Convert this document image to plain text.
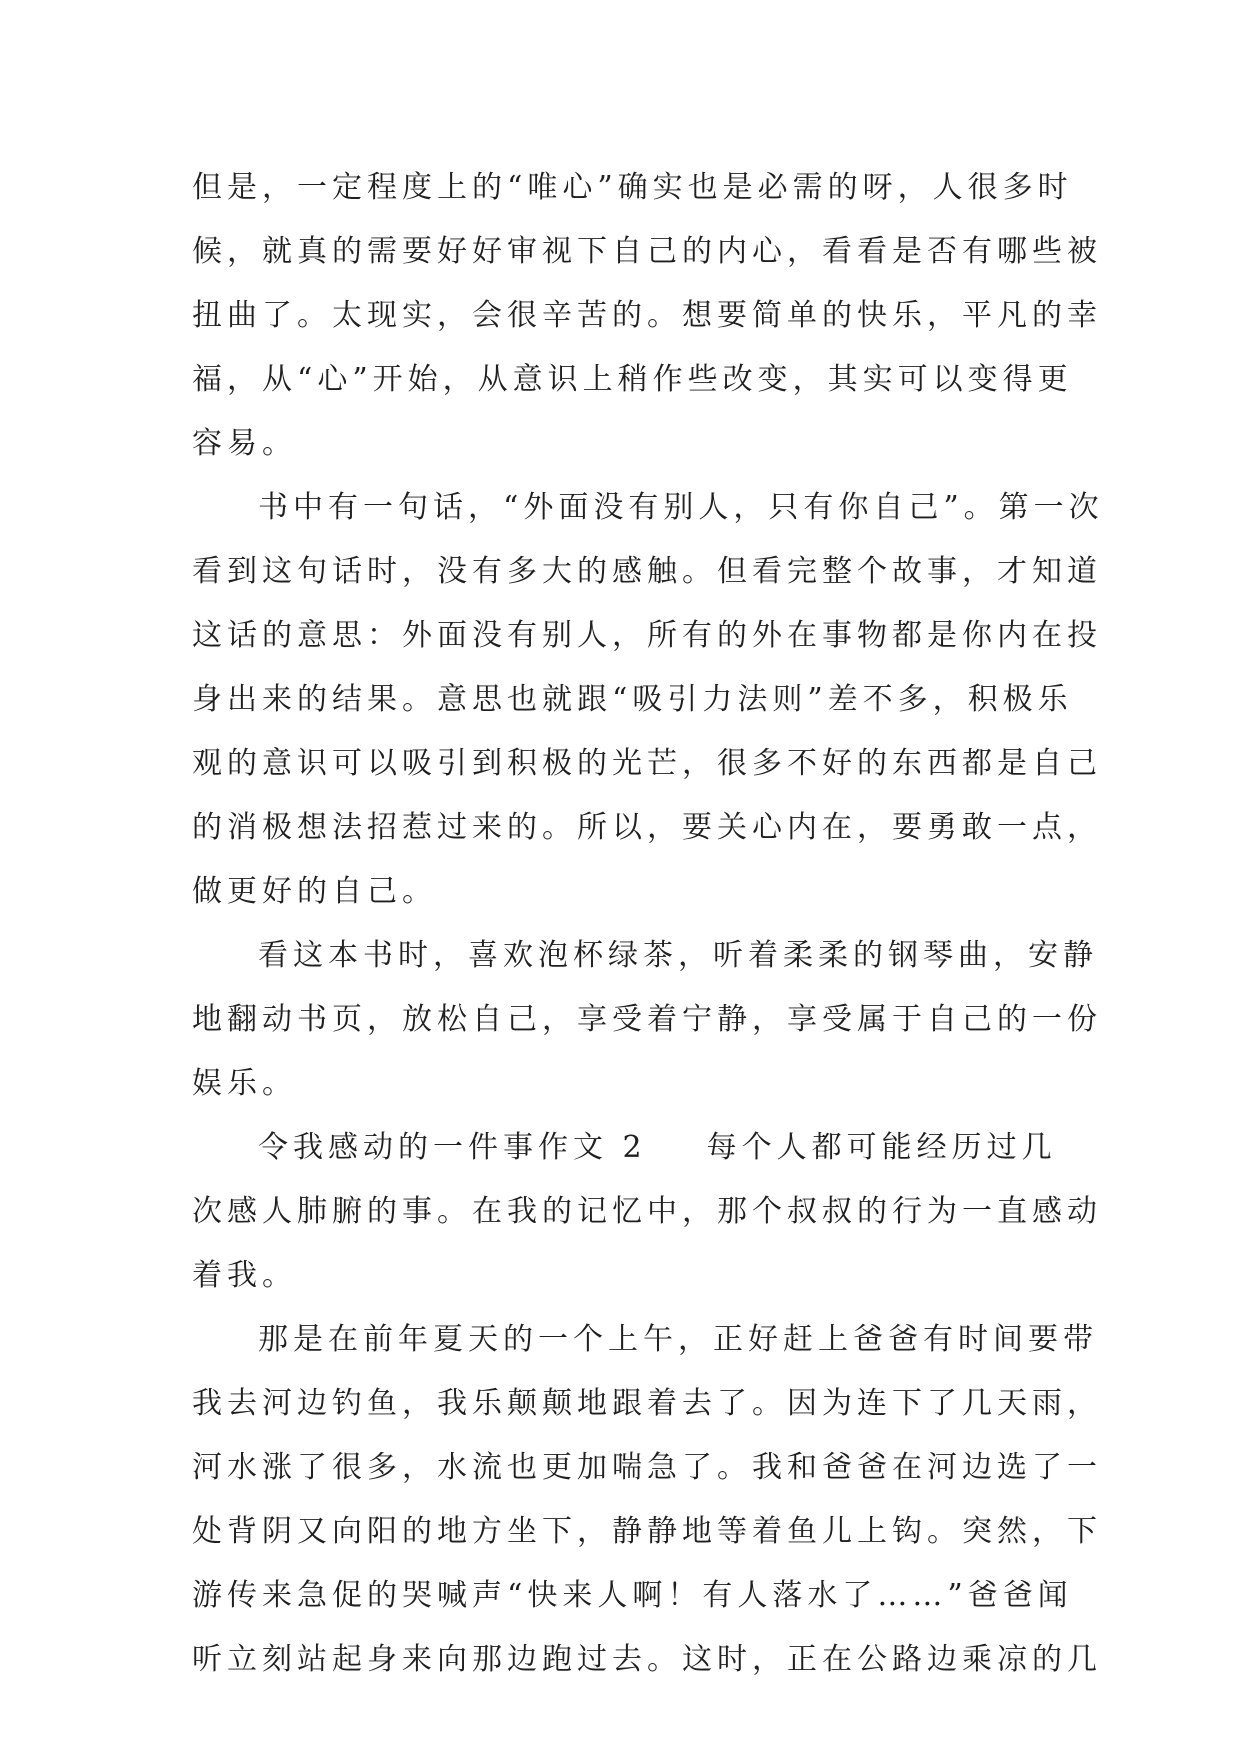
但是，一定程度上的“唯心”确实也是必需的呀，人很多时
候，就真的需要好好审视下自己的内心，看看是否有哪些被
扭曲了。太现实，会很辛苦的。想要简单的快乐，平凡的幸
福，从“心”开始，从意识上稍作些改变，其实可以变得更
容易。
书中有一句话，“外面没有别人，只有你自己”。第一次
看到这句话时，没有多大的感触。但看完整个故事，才知道
这话的意思：外面没有别人，所有的外在事物都是你内在投
身出来的结果。意思也就跟“吸引力法则”差不多，积极乐
观的意识可以吸引到积极的光芒，很多不好的东西都是自己
的消极想法招惹过来的。所以，要关心内在，要勇敢一点，
做更好的自己。
看这本书时，喜欢泡杯绿茶，听着柔柔的钢琴曲，安静
地翻动书页，放松自己，享受着宁静，享受属于自己的一份
娱乐。
令我感动的一件事作文 2 每个人都可能经历过几
次感人肺腑的事。在我的记忆中，那个叔叔的行为一直感动
着我。
那是在前年夏天的一个上午，正好赶上爸爸有时间要带
我去河边钓鱼，我乐颠颠地跟着去了。因为连下了几天雨，
河水涨了很多，水流也更加喘急了。我和爸爸在河边选了一
处背阴又向阳的地方坐下，静静地等着鱼儿上钩。突然，下
游传来急促的哭喊声“快来人啊！有人落水了……”爸爸闻
听立刻站起身来向那边跑过去。这时，正在公路边乘凉的几
